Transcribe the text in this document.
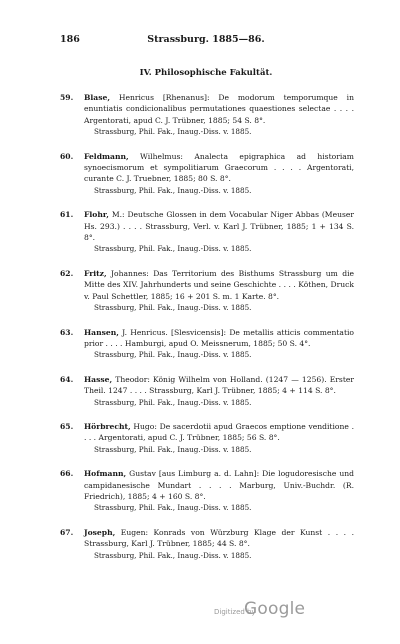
186	Strassburg. 1885—86.
IV. Philosophische Fakultät.
59. Blase, Henricus [Rhenanus]: De modorum temporumque in enuntiatis condicionalibus permutationes quaestiones selectae . . . . Argentorati, apud C. J. Trübner, 1885; 54 S. 8°.
Strassburg, Phil. Fak., Inaug.-Diss. v. 1885.
60. Feldmann, Wilhelmus: Analecta epigraphica ad historiam synoecismorum et sympolitiarum Graecorum . . . . Argentorati, curante C. J. Truebner, 1885; 80 S. 8°.
Strassburg, Phil. Fak., Inaug.-Diss. v. 1885.
61. Flohr, M.: Deutsche Glossen in dem Vocabular Niger Abbas (Meuser Hs. 293.) . . . . Strassburg, Verl. v. Karl J. Trübner, 1885; 1 + 134 S. 8°.
Strassburg, Phil. Fak., Inaug.-Diss. v. 1885.
62. Fritz, Johannes: Das Territorium des Bisthums Strassburg um die Mitte des XIV. Jahrhunderts und seine Geschichte . . . . Köthen, Druck v. Paul Schettler, 1885; 16 + 201 S. m. 1 Karte. 8°.
Strassburg, Phil. Fak., Inaug.-Diss. v. 1885.
63. Hansen, J. Henricus. [Slesvicensis]: De metallis atticis commentatio prior . . . . Hamburgi, apud O. Meissnerum, 1885; 50 S. 4°.
Strassburg, Phil. Fak., Inaug.-Diss. v. 1885.
64. Hasse, Theodor: König Wilhelm von Holland. (1247 — 1256). Erster Theil. 1247 . . . . Strassburg, Karl J. Trübner, 1885; 4 + 114 S. 8°.
Strassburg, Phil. Fak., Inaug.-Diss. v. 1885.
65. Hörbrecht, Hugo: De sacerdotii apud Graecos emptione venditione . . . . Argentorati, apud C. J. Trübner, 1885; 56 S. 8°.
Strassburg, Phil. Fak., Inaug.-Diss. v. 1885.
66. Hofmann, Gustav [aus Limburg a. d. Lahn]: Die logudoresische und campidanesische Mundart . . . . Marburg, Univ.-Buchdr. (R. Friedrich), 1885; 4 + 160 S. 8°.
Strassburg, Phil. Fak., Inaug.-Diss. v. 1885.
67. Joseph, Eugen: Konrads von Würzburg Klage der Kunst . . . . Strassburg, Karl J. Trübner, 1885; 44 S. 8°.
Strassburg, Phil. Fak., Inaug.-Diss. v. 1885.
Digitized by
Google
